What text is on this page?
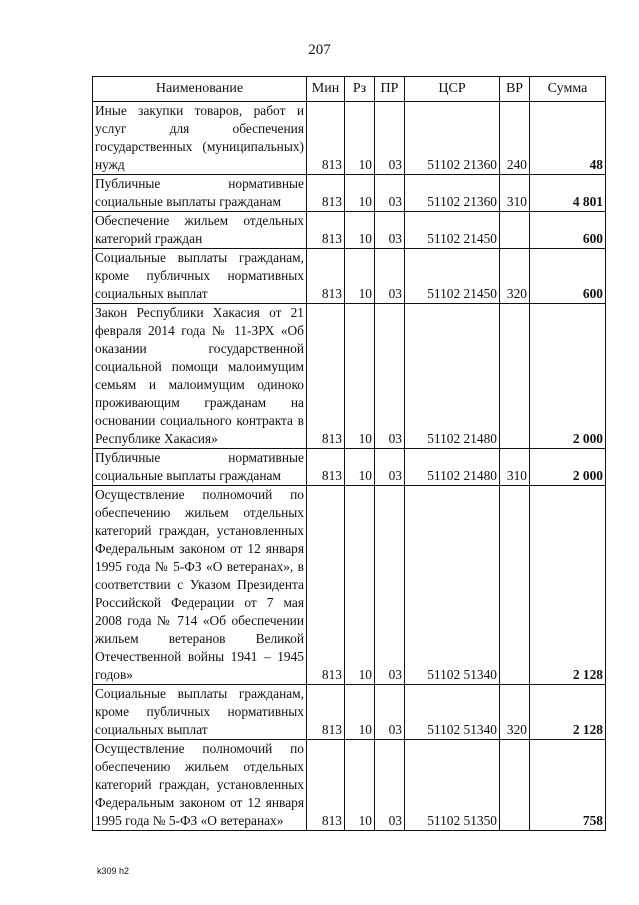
207
Наименование	Мин	Рз	ПР	ЦСР	ВР	Сумма
Иные закупки товаров, работ и услуг для обеспечения государственных (муниципальных) нужд	813	10	03	51102 21360	240	48
Публичные нормативные социальные выплаты гражданам	813	10	03	51102 21360	310	4 801
Обеспечение жильем отдельных категорий граждан	813	10	03	51102 21450		600
Социальные выплаты гражданам, кроме публичных нормативных социальных выплат	813	10	03	51102 21450	320	600
Закон Республики Хакасия от 21 февраля 2014 года № 11-ЗРХ «Об оказании государственной социальной помощи малоимущим семьям и малоимущим одиноко проживающим гражданам на основании социального контракта в Республике Хакасия»	813	10	03	51102 21480		2 000
Публичные нормативные социальные выплаты гражданам	813	10	03	51102 21480	310	2 000
Осуществление полномочий по обеспечению жильем отдельных категорий граждан, установленных Федеральным законом от 12 января 1995 года № 5-ФЗ «О ветеранах», в соответствии с Указом Президента Российской Федерации от 7 мая 2008 года № 714 «Об обеспечении жильем ветеранов Великой Отечественной войны 1941 – 1945 годов»	813	10	03	51102 51340		2 128
Социальные выплаты гражданам, кроме публичных нормативных социальных выплат	813	10	03	51102 51340	320	2 128
Осуществление полномочий по обеспечению жильем отдельных категорий граждан, установленных Федеральным законом от 12 января 1995 года № 5-ФЗ «О ветеранах»	813	10	03	51102 51350		758
k309 h2
